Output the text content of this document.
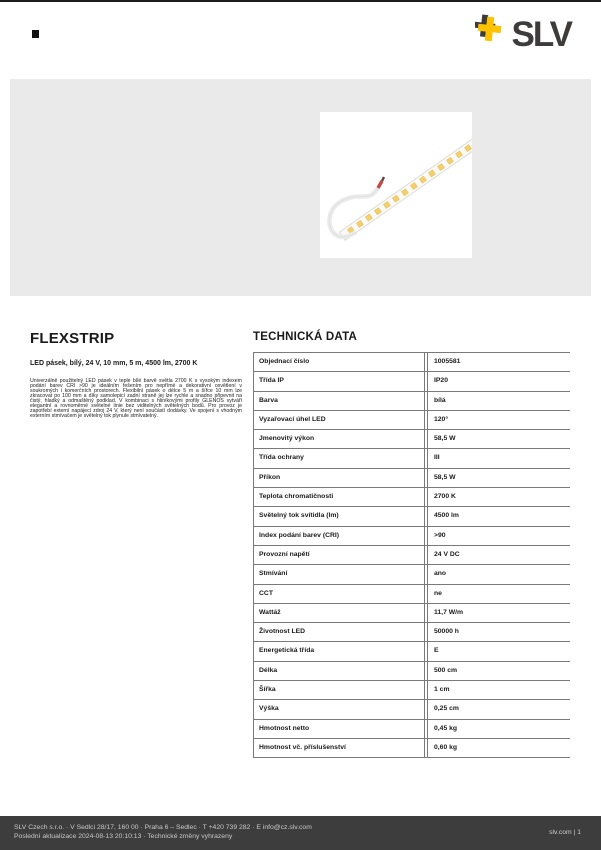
SLV
FLEXSTRIP
LED pásek, bílý, 24 V, 10 mm, 5 m, 4500 lm, 2700 K
Univerzálně použitelný LED pásek v teple bílé barvě světla 2700 K s vysokým indexem podání barev CRI >90 je ideálním řešením pro nepřímé a dekorativní osvětlení v soukromých i komerčních prostorech. Flexibilní pásek o délce 5 m a šířce 10 mm lze zkracovat po 100 mm a díky samolepicí zadní straně jej lze rychle a snadno připevnit na čistý, hladký a odmaštěný podklad. V kombinaci s hliníkovými profily GLENOS vytváří elegantní a rovnoměrné světelné linie bez viditelných světelných bodů. Pro provoz je zapotřebí externí napájecí zdroj 24 V, který není součástí dodávky. Ve spojení s vhodným externím stmívačem je světelný tok plynule stmívatelný.
TECHNICKÁ DATA
Objednací číslo	1005581
Třída IP	IP20
Barva	bílá
Vyzařovací úhel LED	120°
Jmenovitý výkon	58,5 W
Třída ochrany	III
Příkon	58,5 W
Teplota chromatičnosti	2700 K
Světelný tok svítidla (lm)	4500 lm
Index podání barev (CRI)	>90
Provozní napětí	24 V DC
Stmívání	ano
CCT	ne
Wattáž	11,7 W/m
Životnost LED	50000 h
Energetická třída	E
Délka	500 cm
Šířka	1 cm
Výška	0,25 cm
Hmotnost netto	0,45 kg
Hmotnost vč. příslušenství	0,60 kg
SLV Czech s.r.o. · V Sedlci 28/17, 160 00 · Praha 6 – Sedlec · T +420 739 282 · E info@cz.slv.com
Poslední aktualizace 2024-08-13 20:10:13 · Technické změny vyhrazeny
slv.com | 1
